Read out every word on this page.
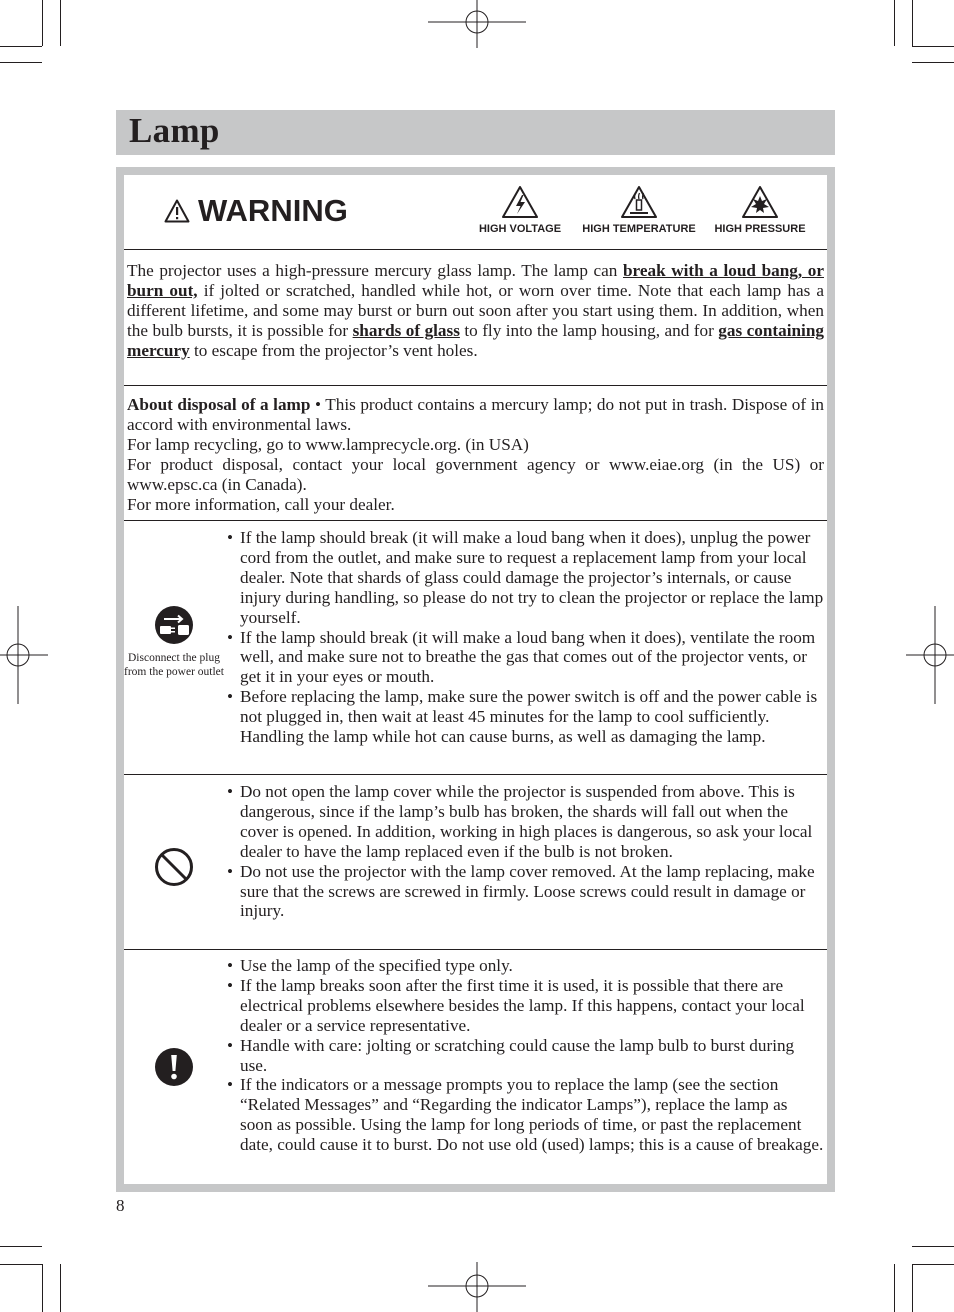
Lamp
WARNING
HIGH VOLTAGE	HIGH TEMPERATURE	HIGH PRESSURE

The projector uses a high-pressure mercury glass lamp. The lamp can break with a loud bang, or burn out, if jolted or scratched, handled while hot, or worn over time. Note that each lamp has a different lifetime, and some may burst or burn out soon after you start using them. In addition, when the bulb bursts, it is possible for shards of glass to fly into the lamp housing, and for gas containing mercury to escape from the projector’s vent holes.

About disposal of a lamp • This product contains a mercury lamp; do not put in trash. Dispose of in accord with environmental laws.
For lamp recycling, go to www.lamprecycle.org. (in USA)
For product disposal, contact your local government agency or www.eiae.org (in the US) or www.epsc.ca (in Canada).
For more information, call your dealer.

Disconnect the plug from the power outlet
• If the lamp should break (it will make a loud bang when it does), unplug the power cord from the outlet, and make sure to request a replacement lamp from your local dealer. Note that shards of glass could damage the projector’s internals, or cause injury during handling, so please do not try to clean the projector or replace the lamp yourself.
• If the lamp should break (it will make a loud bang when it does), ventilate the room well, and make sure not to breathe the gas that comes out of the projector vents, or get it in your eyes or mouth.
• Before replacing the lamp, make sure the power switch is off and the power cable is not plugged in, then wait at least 45 minutes for the lamp to cool sufficiently. Handling the lamp while hot can cause burns, as well as damaging the lamp.
• Do not open the lamp cover while the projector is suspended from above. This is dangerous, since if the lamp’s bulb has broken, the shards will fall out when the cover is opened. In addition, working in high places is dangerous, so ask your local dealer to have the lamp replaced even if the bulb is not broken.
• Do not use the projector with the lamp cover removed. At the lamp replacing, make sure that the screws are screwed in firmly. Loose screws could result in damage or injury.
• Use the lamp of the specified type only.
• If the lamp breaks soon after the first time it is used, it is possible that there are electrical problems elsewhere besides the lamp. If this happens, contact your local dealer or a service representative.
• Handle with care: jolting or scratching could cause the lamp bulb to burst during use.
• If the indicators or a message prompts you to replace the lamp (see the section “Related Messages” and “Regarding the indicator Lamps”), replace the lamp as soon as possible. Using the lamp for long periods of time, or past the replacement date, could cause it to burst. Do not use old (used) lamps; this is a cause of breakage.
8
